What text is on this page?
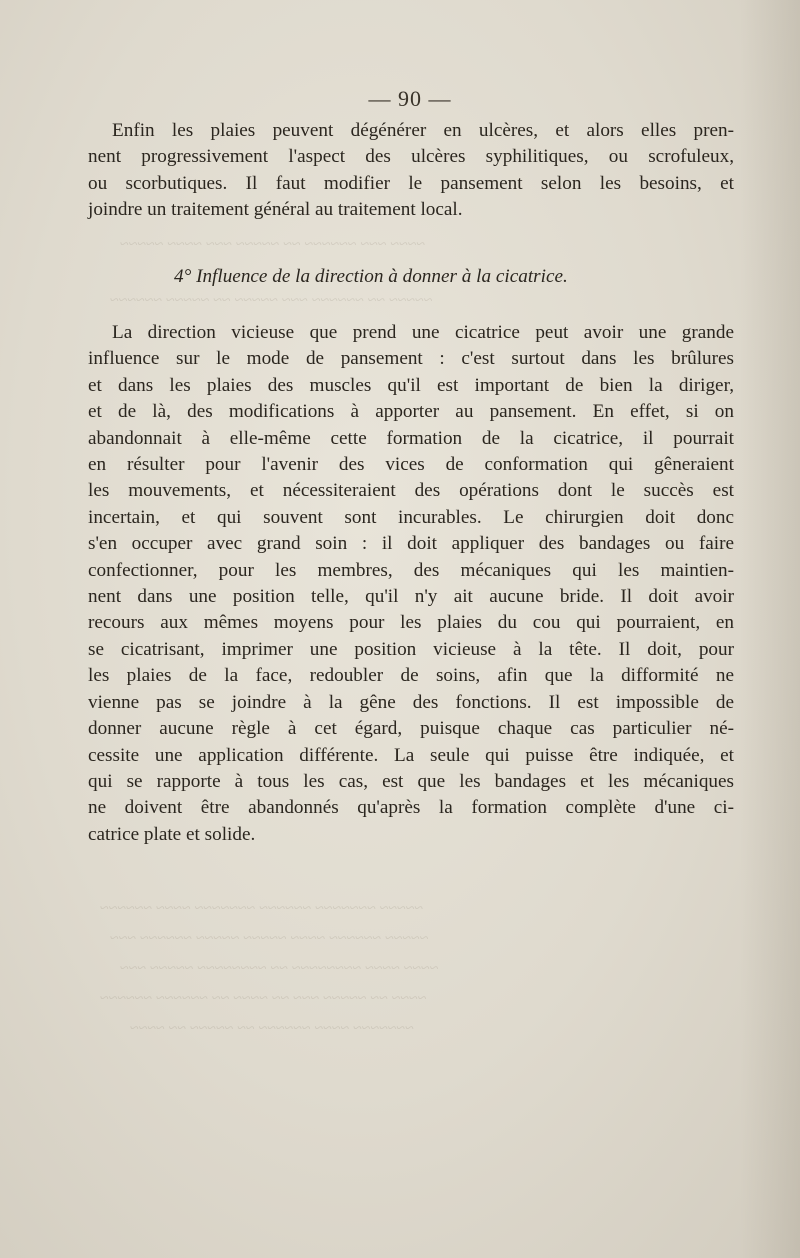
~~~~ ~~~ ~~~~~~ ~~ ~~~~~ ~~~ ~~~~ ~~~~~
~~~~~ ~~ ~~~~~~ ~~~ ~~~~~ ~~ ~~~~~ ~~~~~~
~~~~~ ~~~~~~~ ~~~~~~ ~~~~~~~ ~~~~ ~~~~~~
~~~~~ ~~~~~~ ~~~~ ~~~~~ ~~~~~ ~~~~~~ ~~~
~~~~ ~~~~ ~~~~~~~~ ~~ ~~~~~~~~ ~~~~~ ~~~
~~~~ ~~ ~~~~~ ~~~ ~~ ~~~~ ~~ ~~~~~~ ~~~~~~
~~~~~~~ ~~~~ ~~~~~~ ~~ ~~~~~ ~~ ~~~~
— 90 —
Enfin les plaies peuvent dégénérer en ulcères, et alors elles pren-
nent progressivement l'aspect des ulcères syphilitiques, ou scrofuleux,
ou scorbutiques. Il faut modifier le pansement selon les besoins, et
joindre un traitement général au traitement local.
4° Influence de la direction à donner à la cicatrice.
La direction vicieuse que prend une cicatrice peut avoir une grande
influence sur le mode de pansement : c'est surtout dans les brûlures
et dans les plaies des muscles qu'il est important de bien la diriger,
et de là, des modifications à apporter au pansement. En effet, si on
abandonnait à elle-même cette formation de la cicatrice, il pourrait
en résulter pour l'avenir des vices de conformation qui gêneraient
les mouvements, et nécessiteraient des opérations dont le succès est
incertain, et qui souvent sont incurables. Le chirurgien doit donc
s'en occuper avec grand soin : il doit appliquer des bandages ou faire
confectionner, pour les membres, des mécaniques qui les maintien-
nent dans une position telle, qu'il n'y ait aucune bride. Il doit avoir
recours aux mêmes moyens pour les plaies du cou qui pourraient, en
se cicatrisant, imprimer une position vicieuse à la tête. Il doit, pour
les plaies de la face, redoubler de soins, afin que la difformité ne
vienne pas se joindre à la gêne des fonctions. Il est impossible de
donner aucune règle à cet égard, puisque chaque cas particulier né-
cessite une application différente. La seule qui puisse être indiquée, et
qui se rapporte à tous les cas, est que les bandages et les mécaniques
ne doivent être abandonnés qu'après la formation complète d'une ci-
catrice plate et solide.
